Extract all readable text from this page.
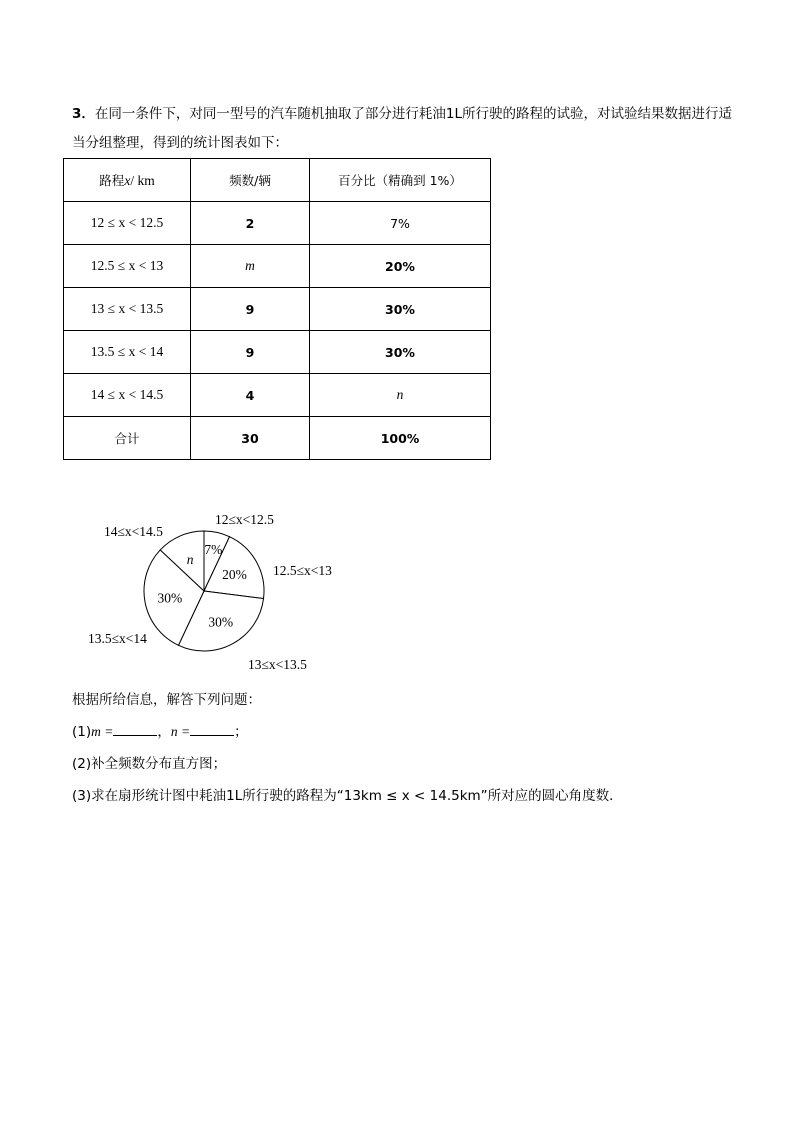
3．在同一条件下，对同一型号的汽车随机抽取了部分进行耗油1L所行驶的路程的试验，对试验结果数据进行适当分组整理，得到的统计图表如下：
路程x/ km	频数/辆	百分比（精确到 1%）
12 ≤ x < 12.5	2	7%
12.5 ≤ x < 13	m	20%
13 ≤ x < 13.5	9	30%
13.5 ≤ x < 14	9	30%
14 ≤ x < 14.5	4	n
合计	30	100%
7%
12≤x<12.5
20% 12.5≤x<13
30%
13≤x<13.5
30%
13.5≤x<14
n
14≤x<14.5
根据所给信息，解答下列问题：
(1)m =	，n =	；
(2)补全频数分布直方图；
(3)求在扇形统计图中耗油1L所行驶的路程为“13km ≤ x < 14.5km”所对应的圆心角度数．
